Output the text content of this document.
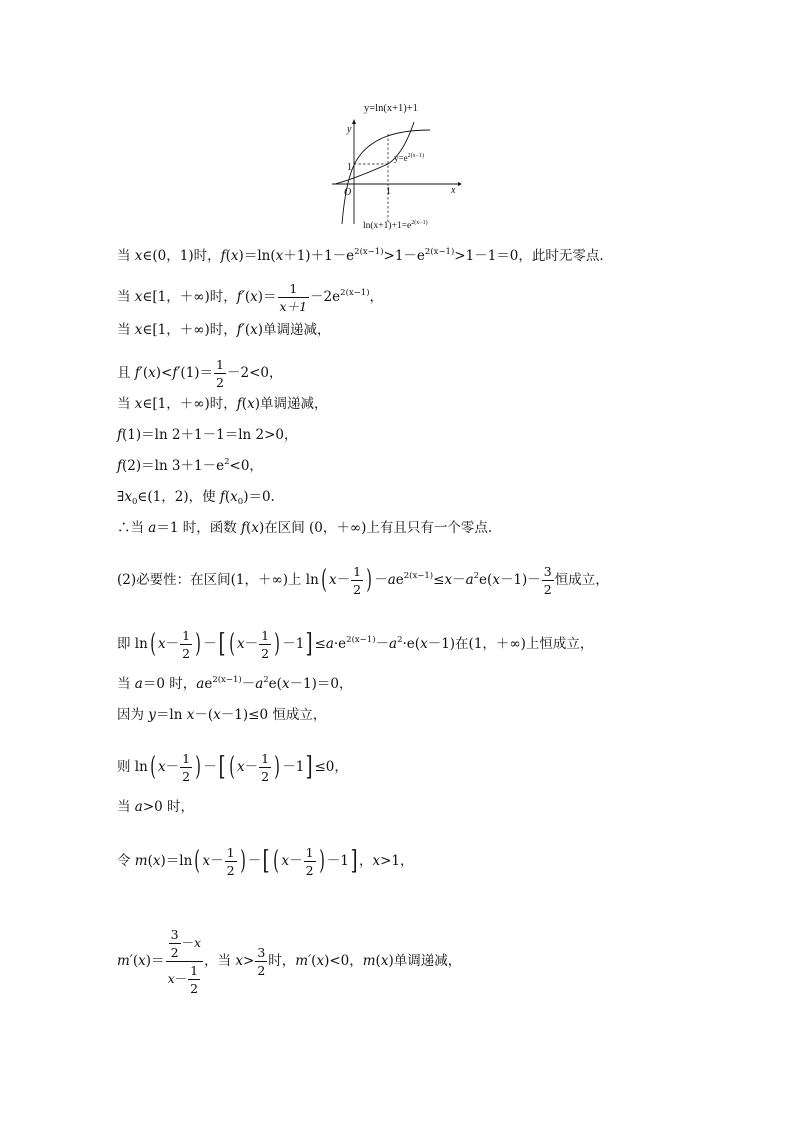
y=ln(x+1)+1
y
x
O
1
1
$y=e^{2(x-1)}$
$\ln(x+1)+1=e^{2(x-1)}$
当 x∈(0，1)时，$f(x)=\ln(x+1)+1-e^{2(x-1)}>1-e^{2(x-1)}>1-1=0$，此时无零点.
当 x∈[1，＋∞)时，$f'(x)= \frac{1}{x+1} -2e^{2(x-1)}$，
当 x∈[1，＋∞)时，f′(x)单调递减，
且 $f'(x)<f'(1)= \frac{1}{2} -2<0$，
当 x∈[1，＋∞)时，f(x)单调递减，
f(1)＝ln 2＋1－1＝ln 2>0，
f(2)＝ln $3+1-e^2<0$，
$\exists x_0\in(1$，2)，使 $f(x_0)=0$.
∴当 a＝1 时，函数 f(x)在区间 (0，＋∞)上有且只有一个零点.
(2)必要性：在区间(1，＋∞)上 ln( $x- \frac{1}{2}$ ) $-ae^{2(x-1)}\le x-a^2e(x-1)- \frac{3}{2}$ 恒成立，
即 ln( $x- \frac{1}{2}$ ) －[ ( $x- \frac{1}{2}$ ) $-1] \le a\cdot e^{2(x-1)}-a^2\cdot e(x-1)$在(1，＋∞)上恒成立，
当 a＝0 时，$ae^{2(x-1)}-a^2e(x-1)=0$，
因为 y＝ln x－(x－1)≤0 恒成立，
则 ln( $x- \frac{1}{2}$ ) －[ ( $x- \frac{1}{2}$ ) －1] ≤0，
当 a>0 时，
令 m(x)＝ln( $x- \frac{1}{2}$ ) －[ ( $x- \frac{1}{2}$ ) －1] ，x>1，
$m'(x)= \frac{\frac{3}{2} -x}{x- \frac{1}{2}}$ ，当 $x> \frac{3}{2}$ 时，m′(x)<0，m(x)单调递减，
